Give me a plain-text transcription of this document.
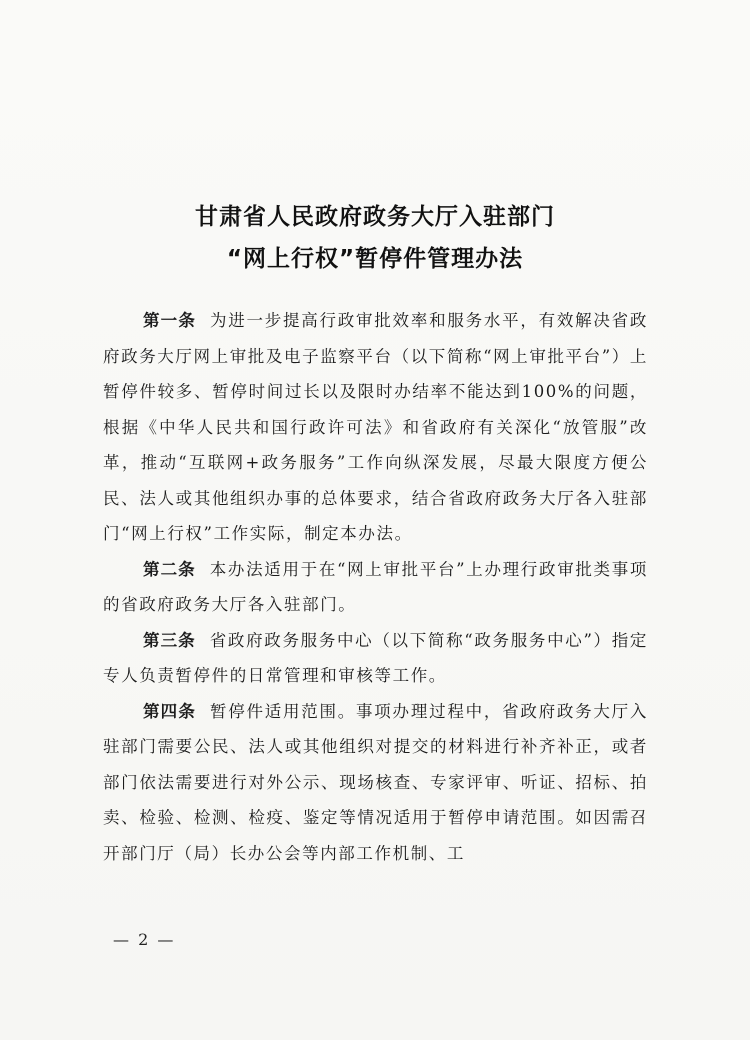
甘肃省人民政府政务大厅入驻部门
“网上行权”暂停件管理办法

第一条 为进一步提高行政审批效率和服务水平，有效解决省政府政务大厅网上审批及电子监察平台（以下简称“网上审批平台”）上暂停件较多、暂停时间过长以及限时办结率不能达到100%的问题，根据《中华人民共和国行政许可法》和省政府有关深化“放管服”改革，推动“互联网+政务服务”工作向纵深发展，尽最大限度方便公民、法人或其他组织办事的总体要求，结合省政府政务大厅各入驻部门“网上行权”工作实际，制定本办法。

第二条 本办法适用于在“网上审批平台”上办理行政审批类事项的省政府政务大厅各入驻部门。

第三条 省政府政务服务中心（以下简称“政务服务中心”）指定专人负责暂停件的日常管理和审核等工作。

第四条 暂停件适用范围。事项办理过程中，省政府政务大厅入驻部门需要公民、法人或其他组织对提交的材料进行补齐补正，或者部门依法需要进行对外公示、现场核查、专家评审、听证、招标、拍卖、检验、检测、检疫、鉴定等情况适用于暂停申请范围。如因需召开部门厅（局）长办公会等内部工作机制、工

— 2 —
